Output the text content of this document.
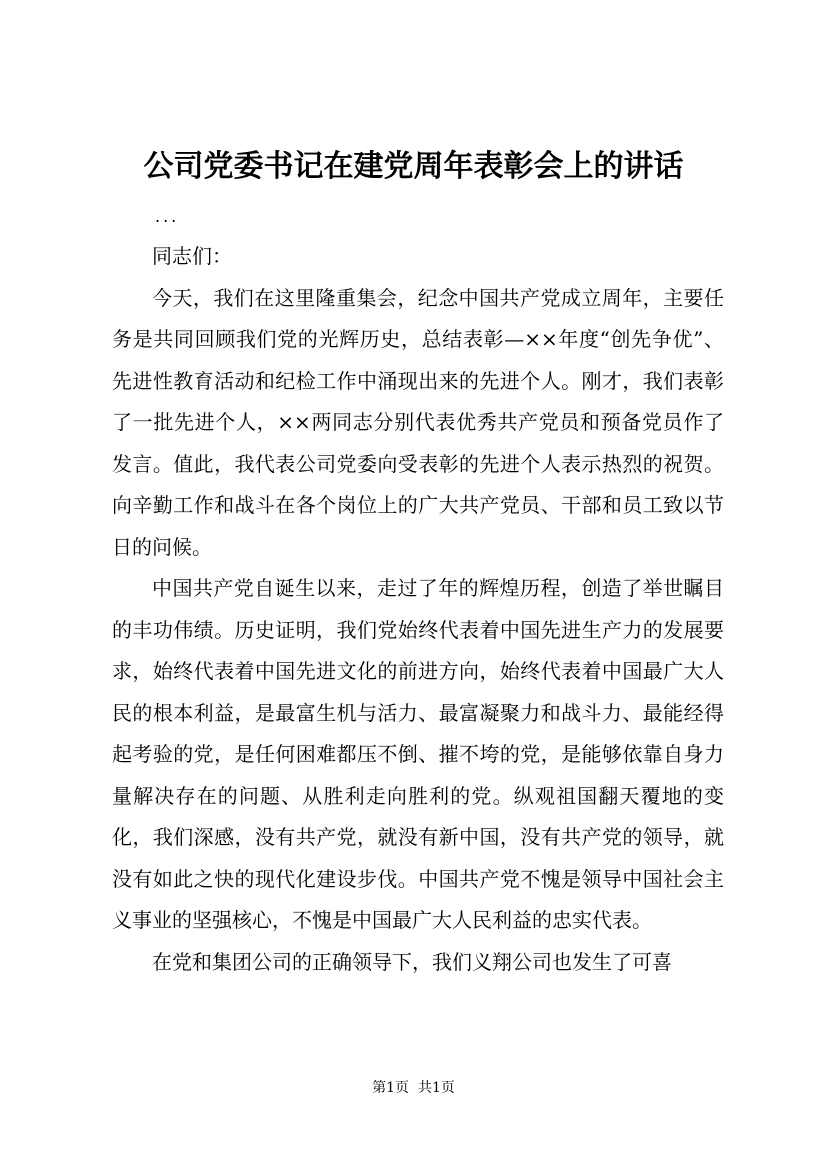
公司党委书记在建党周年表彰会上的讲话
...

同志们：

今天，我们在这里隆重集会，纪念中国共产党成立周年，主要任务是共同回顾我们党的光辉历史，总结表彰—××年度“创先争优”、先进性教育活动和纪检工作中涌现出来的先进个人。刚才，我们表彰了一批先进个人，××两同志分别代表优秀共产党员和预备党员作了发言。值此，我代表公司党委向受表彰的先进个人表示热烈的祝贺。向辛勤工作和战斗在各个岗位上的广大共产党员、干部和员工致以节日的问候。

中国共产党自诞生以来，走过了年的辉煌历程，创造了举世瞩目的丰功伟绩。历史证明，我们党始终代表着中国先进生产力的发展要求，始终代表着中国先进文化的前进方向，始终代表着中国最广大人民的根本利益，是最富生机与活力、最富凝聚力和战斗力、最能经得起考验的党，是任何困难都压不倒、摧不垮的党，是能够依靠自身力量解决存在的问题、从胜利走向胜利的党。纵观祖国翻天覆地的变化，我们深感，没有共产党，就没有新中国，没有共产党的领导，就没有如此之快的现代化建设步伐。中国共产党不愧是领导中国社会主义事业的坚强核心，不愧是中国最广大人民利益的忠实代表。

在党和集团公司的正确领导下，我们义翔公司也发生了可喜

第1页  共1页
